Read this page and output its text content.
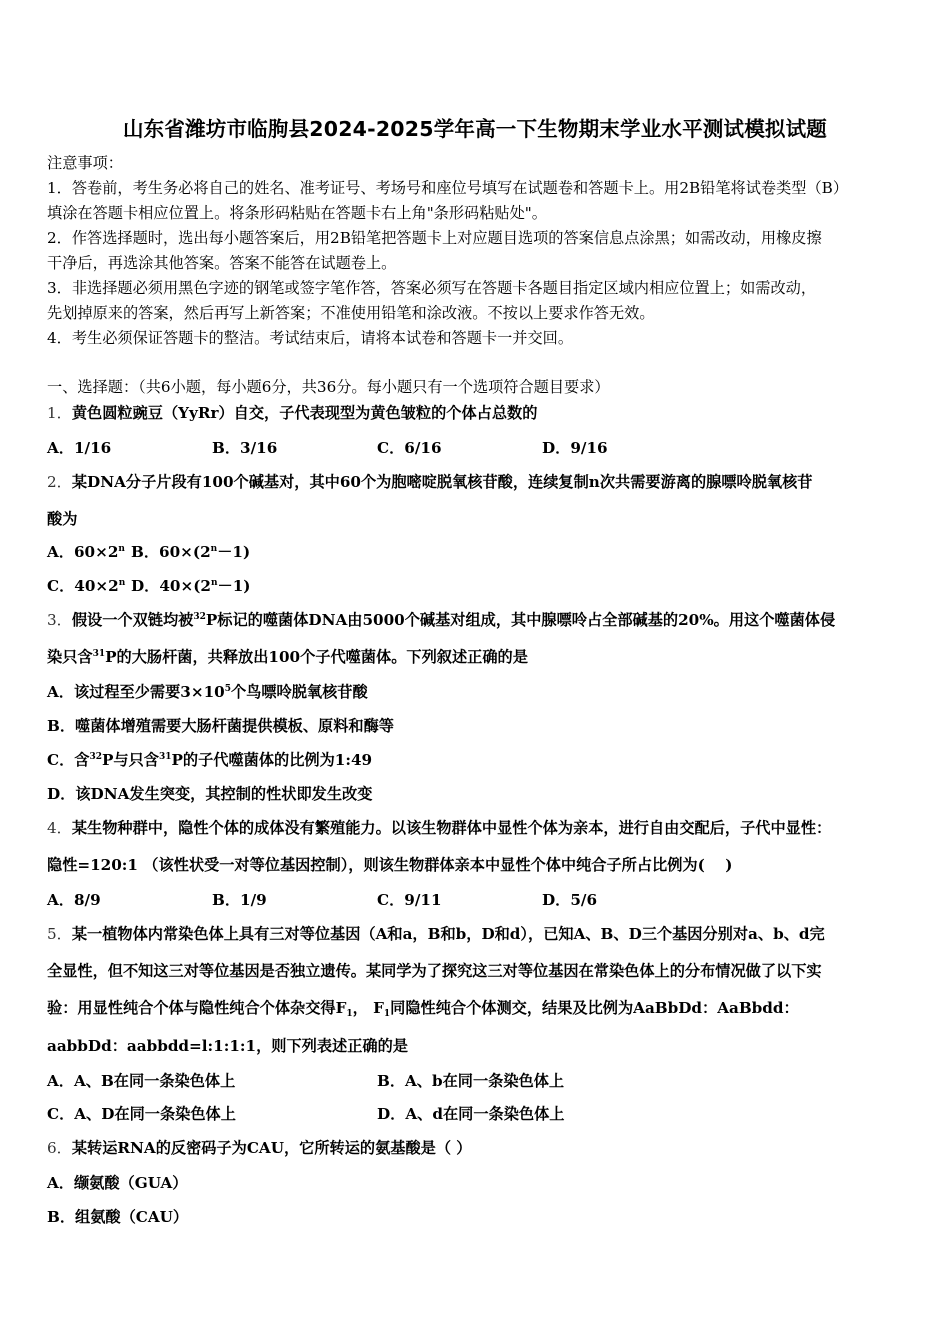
山东省潍坊市临朐县2024-2025学年高一下生物期末学业水平测试模拟试题
注意事项：
1．答卷前，考生务必将自己的姓名、准考证号、考场号和座位号填写在试题卷和答题卡上。用2B铅笔将试卷类型（B）
填涂在答题卡相应位置上。将条形码粘贴在答题卡右上角"条形码粘贴处"。
2．作答选择题时，选出每小题答案后，用2B铅笔把答题卡上对应题目选项的答案信息点涂黑；如需改动，用橡皮擦
干净后，再选涂其他答案。答案不能答在试题卷上。
3．非选择题必须用黑色字迹的钢笔或签字笔作答，答案必须写在答题卡各题目指定区域内相应位置上；如需改动，
先划掉原来的答案，然后再写上新答案；不准使用铅笔和涂改液。不按以上要求作答无效。
4．考生必须保证答题卡的整洁。考试结束后，请将本试卷和答题卡一并交回。
一、选择题：（共6小题，每小题6分，共36分。每小题只有一个选项符合题目要求）
1．黄色圆粒豌豆（YyRr）自交，子代表现型为黄色皱粒的个体占总数的
A．1/16	B．3/16	C．6/16	D．9/16
2．某DNA分子片段有100个碱基对，其中60个为胞嘧啶脱氧核苷酸，连续复制n次共需要游离的腺嘌呤脱氧核苷
酸为
A．$60\times 2^n$ B．$60\times(2^n-1)$
C．$40\times 2^n$ D．$40\times(2^n-1)$
3．假设一个双链均被$^{32}$P标记的噬菌体DNA由5000个碱基对组成，其中腺嘌呤占全部碱基的20%。用这个噬菌体侵
染只含$^{31}$P的大肠杆菌，共释放出100个子代噬菌体。下列叙述正确的是
A．该过程至少需要$3\times 10^5$个鸟嘌呤脱氧核苷酸
B．噬菌体增殖需要大肠杆菌提供模板、原料和酶等
C．含$^{32}$P与只含$^{31}$P的子代噬菌体的比例为1:49
D．该DNA发生突变，其控制的性状即发生改变
4．某生物种群中，隐性个体的成体没有繁殖能力。以该生物群体中显性个体为亲本，进行自由交配后，子代中显性：
隐性=120:1 （该性状受一对等位基因控制），则该生物群体亲本中显性个体中纯合子所占比例为(　 )
A．8/9	B．1/9	C．9/11	D．5/6
5．某一植物体内常染色体上具有三对等位基因（A和a，B和b，D和d），已知A、B、D三个基因分别对a、b、d完
全显性，但不知这三对等位基因是否独立遗传。某同学为了探究这三对等位基因在常染色体上的分布情况做了以下实
验：用显性纯合个体与隐性纯合个体杂交得$F_1$， $F_1$同隐性纯合个体测交，结果及比例为AaBbDd：AaBbdd：
aabbDd：aabbdd=l:1:1:1，则下列表述正确的是
A．A、B在同一条染色体上	B．A、b在同一条染色体上
C．A、D在同一条染色体上	D．A、d在同一条染色体上
6．某转运RNA的反密码子为CAU，它所转运的氨基酸是（ ）
A．缬氨酸（GUA）
B．组氨酸（CAU）
